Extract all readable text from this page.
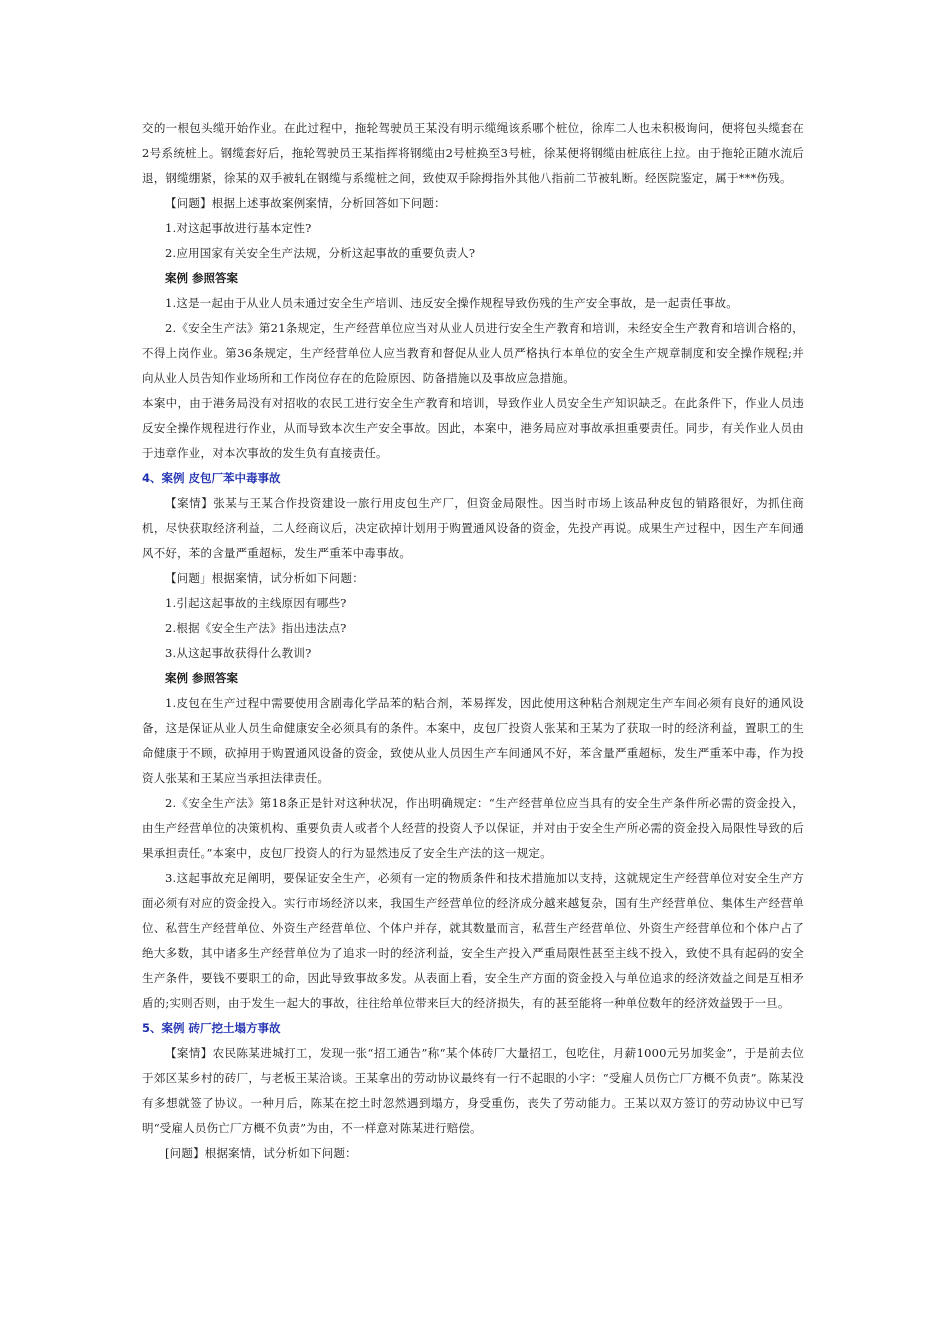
交的一根包头缆开始作业。在此过程中，拖轮驾驶员王某没有明示缆绳该系哪个桩位，徐库二人也未积极询问，便将包头缆套在2号系统桩上。钢缆套好后，拖轮驾驶员王某指挥将钢缆由2号桩换至3号桩，徐某便将钢缆由桩底往上拉。由于拖轮正随水流后退，钢缆绷紧，徐某的双手被轧在钢缆与系缆桩之间，致使双手除拇指外其他八指前二节被轧断。经医院鉴定，属于***伤残。

【问题】根据上述事故案例案情，分析回答如下问题：

1.对这起事故进行基本定性?

2.应用国家有关安全生产法规，分析这起事故的重要负责人?

案例 参照答案

1.这是一起由于从业人员未通过安全生产培训、违反安全操作规程导致伤残的生产安全事故，是一起责任事故。

2.《安全生产法》第21条规定，生产经营单位应当对从业人员进行安全生产教育和培训，未经安全生产教育和培训合格的，不得上岗作业。第36条规定，生产经营单位人应当教育和督促从业人员严格执行本单位的安全生产规章制度和安全操作规程;并向从业人员告知作业场所和工作岗位存在的危险原因、防备措施以及事故应急措施。

本案中，由于港务局没有对招收的农民工进行安全生产教育和培训，导致作业人员安全生产知识缺乏。在此条件下，作业人员违反安全操作规程进行作业，从而导致本次生产安全事故。因此，本案中，港务局应对事故承担重要责任。同步，有关作业人员由于违章作业，对本次事故的发生负有直接责任。

4、案例 皮包厂苯中毒事故

【案情】张某与王某合作投资建设一旅行用皮包生产厂，但资金局限性。因当时市场上该品种皮包的销路很好，为抓住商机，尽快获取经济利益，二人经商议后，决定砍掉计划用于购置通风设备的资金，先投产再说。成果生产过程中，因生产车间通风不好，苯的含量严重超标，发生严重苯中毒事故。

【问题」根据案情，试分析如下问题：

1.引起这起事故的主线原因有哪些?

2.根据《安全生产法》指出违法点?

3.从这起事故获得什么教训?

案例 参照答案

1.皮包在生产过程中需要使用含剧毒化学品苯的粘合剂，苯易挥发，因此使用这种粘合剂规定生产车间必须有良好的通风设备，这是保证从业人员生命健康安全必须具有的条件。本案中，皮包厂投资人张某和王某为了获取一时的经济利益，置职工的生命健康于不顾，砍掉用于购置通风设备的资金，致使从业人员因生产车间通风不好，苯含量严重超标，发生严重苯中毒，作为投资人张某和王某应当承担法律责任。

2.《安全生产法》第18条正是针对这种状况，作出明确规定：“生产经营单位应当具有的安全生产条件所必需的资金投入，由生产经营单位的决策机构、重要负责人或者个人经营的投资人予以保证，并对由于安全生产所必需的资金投入局限性导致的后果承担责任。”本案中，皮包厂投资人的行为显然违反了安全生产法的这一规定。

3.这起事故充足阐明，要保证安全生产，必须有一定的物质条件和技术措施加以支持，这就规定生产经营单位对安全生产方面必须有对应的资金投入。实行市场经济以来，我国生产经营单位的经济成分越来越复杂，国有生产经营单位、集体生产经营单位、私营生产经营单位、外资生产经营单位、个体户并存，就其数量而言，私营生产经营单位、外资生产经营单位和个体户占了绝大多数，其中诸多生产经营单位为了追求一时的经济利益，安全生产投入严重局限性甚至主线不投入，致使不具有起码的安全生产条件，要钱不要职工的命，因此导致事故多发。从表面上看，安全生产方面的资金投入与单位追求的经济效益之间是互相矛盾的;实则否则，由于发生一起大的事故，往往给单位带来巨大的经济损失，有的甚至能将一种单位数年的经济效益毁于一旦。

5、案例 砖厂挖土塌方事故

【案情】农民陈某进城打工，发现一张“招工通告”称“某个体砖厂大量招工，包吃住，月薪1000元另加奖金”，于是前去位于郊区某乡村的砖厂，与老板王某洽谈。王某拿出的劳动协议最终有一行不起眼的小字：“受雇人员伤亡厂方概不负责”。陈某没有多想就签了协议。一种月后，陈某在挖土时忽然遇到塌方，身受重伤，丧失了劳动能力。王某以双方签订的劳动协议中已写明“受雇人员伤亡厂方概不负责”为由，不一样意对陈某进行赔偿。

[问题】根据案情，试分析如下问题：
